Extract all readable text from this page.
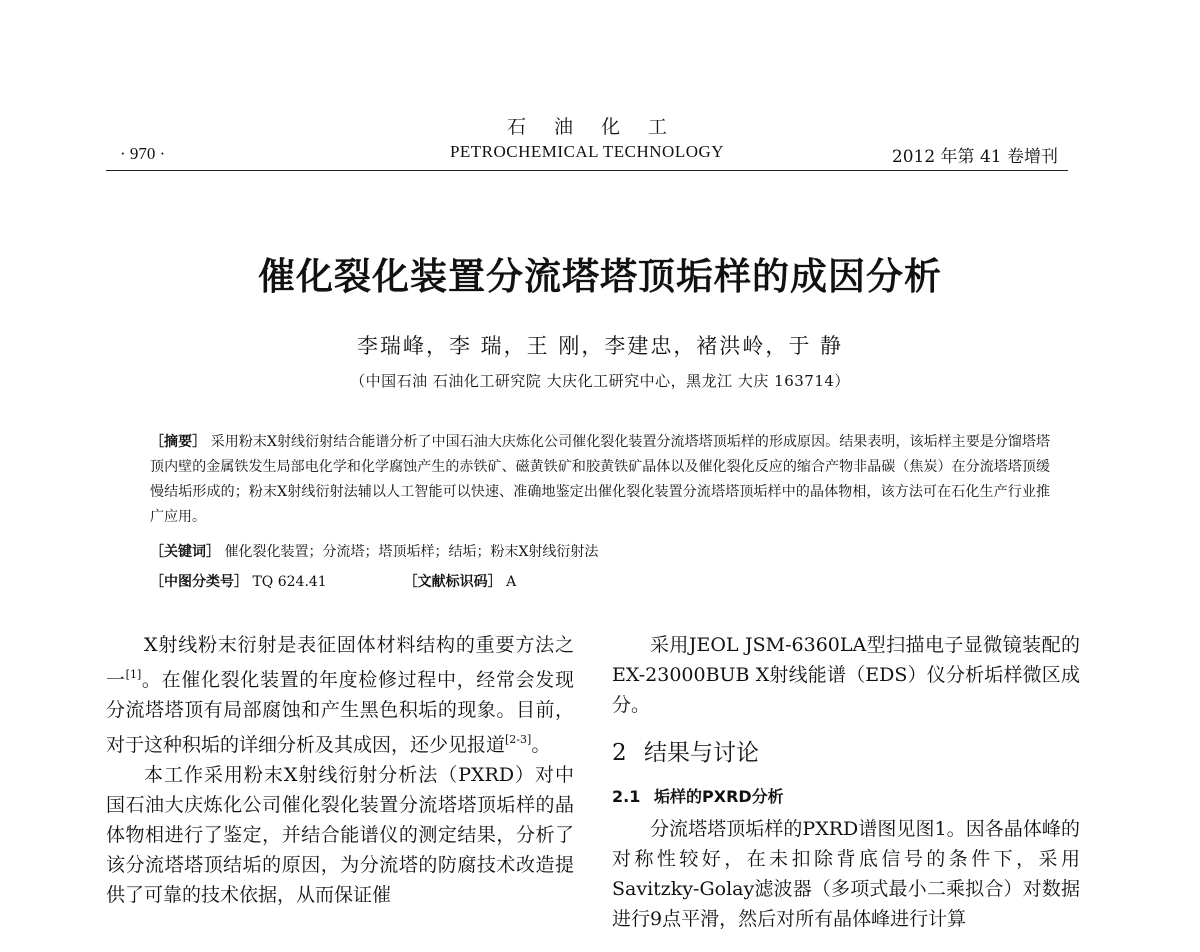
石油化工
· 970 ·	PETROCHEMICAL TECHNOLOGY	2012 年第 41 卷增刊
催化裂化装置分流塔塔顶垢样的成因分析
李瑞峰，李 瑞，王 刚，李建忠，褚洪岭，于 静
（中国石油 石油化工研究院 大庆化工研究中心，黑龙江 大庆 163714）
［摘要］ 采用粉末X射线衍射结合能谱分析了中国石油大庆炼化公司催化裂化装置分流塔塔顶垢样的形成原因。结果表明，该垢样主要是分馏塔塔顶内壁的金属铁发生局部电化学和化学腐蚀产生的赤铁矿、磁黄铁矿和胶黄铁矿晶体以及催化裂化反应的缩合产物非晶碳（焦炭）在分流塔塔顶缓慢结垢形成的；粉末X射线衍射法辅以人工智能可以快速、准确地鉴定出催化裂化装置分流塔塔顶垢样中的晶体物相，该方法可在石化生产行业推广应用。
［关键词］ 催化裂化装置；分流塔；塔顶垢样；结垢；粉末X射线衍射法
［中图分类号］ TQ 624.41	［文献标识码］ A

X射线粉末衍射是表征固体材料结构的重要方法之一[1]。在催化裂化装置的年度检修过程中，经常会发现分流塔塔顶有局部腐蚀和产生黑色积垢的现象。目前，对于这种积垢的详细分析及其成因，还少见报道[2-3]。

本工作采用粉末X射线衍射分析法（PXRD）对中国石油大庆炼化公司催化裂化装置分流塔塔顶垢样的晶体物相进行了鉴定，并结合能谱仪的测定结果，分析了该分流塔塔顶结垢的原因，为分流塔的防腐技术改造提供了可靠的技术依据，从而保证催

采用JEOL JSM-6360LA型扫描电子显微镜装配的EX-23000BUB X射线能谱（EDS）仪分析垢样微区成分。

2 结果与讨论
2.1 垢样的PXRD分析

分流塔塔顶垢样的PXRD谱图见图1。因各晶体峰的对称性较好，在未扣除背底信号的条件下，采用Savitzky-Golay滤波器（多项式最小二乘拟合）对数据进行9点平滑，然后对所有晶体峰进行计算
